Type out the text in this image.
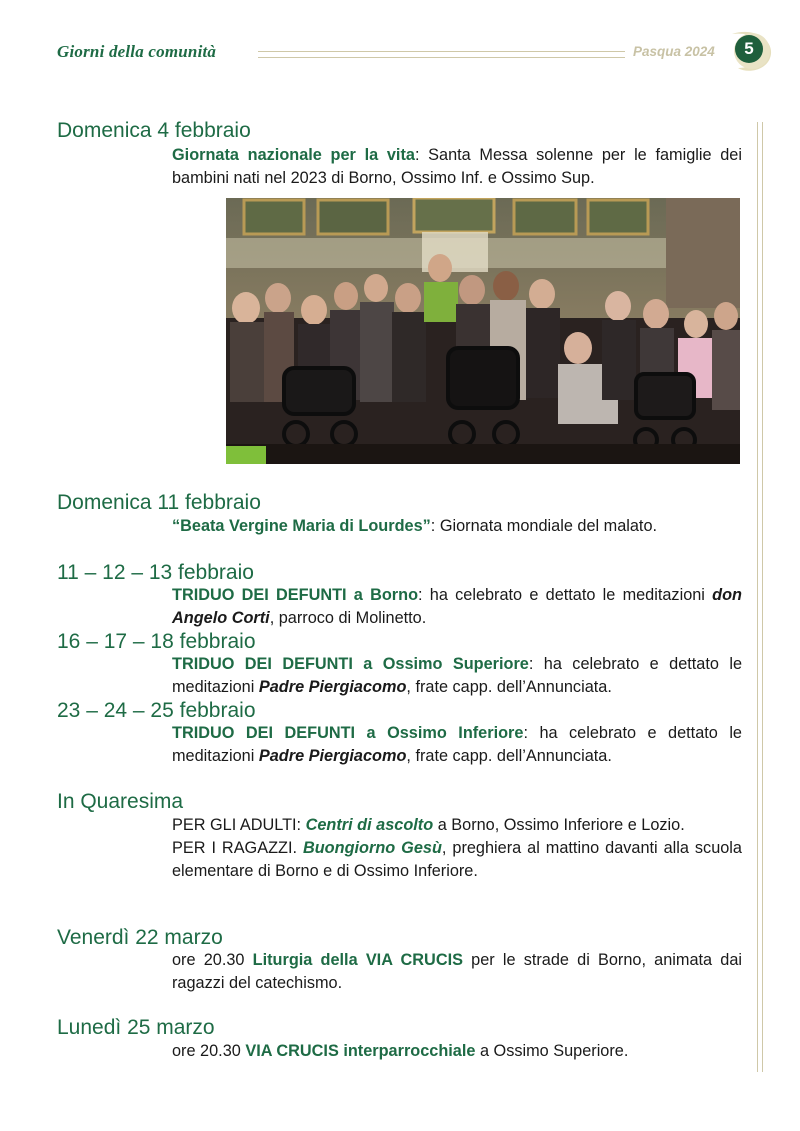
Giorni della comunità	Pasqua 2024	5
Domenica 4 febbraio

Giornata nazionale per la vita: Santa Messa solenne per le famiglie dei bambini nati nel 2023 di Borno, Ossimo Inf. e Ossimo Sup.

Domenica 11 febbraio

“Beata Vergine Maria di Lourdes”: Giornata mondiale del malato.

11 – 12 – 13 febbraio

TRIDUO DEI DEFUNTI a Borno: ha celebrato e dettato le meditazioni don Angelo Corti, parroco di Molinetto.

16 – 17 – 18 febbraio

TRIDUO DEI DEFUNTI a Ossimo Superiore: ha celebrato e dettato le meditazioni Padre Piergiacomo, frate capp. dell’Annunciata.

23 – 24 – 25 febbraio

TRIDUO DEI DEFUNTI a Ossimo Inferiore: ha celebrato e dettato le meditazioni Padre Piergiacomo, frate capp. dell’Annunciata.

In Quaresima

PER GLI ADULTI: Centri di ascolto a Borno, Ossimo Inferiore e Lozio.

PER I RAGAZZI. Buongiorno Gesù, preghiera al mattino davanti alla scuola elementare di Borno e di Ossimo Inferiore.

Venerdì 22 marzo

ore 20.30 Liturgia della VIA CRUCIS per le strade di Borno, animata dai ragazzi del catechismo.

Lunedì 25 marzo

ore 20.30 VIA CRUCIS interparrocchiale a Ossimo Superiore.
